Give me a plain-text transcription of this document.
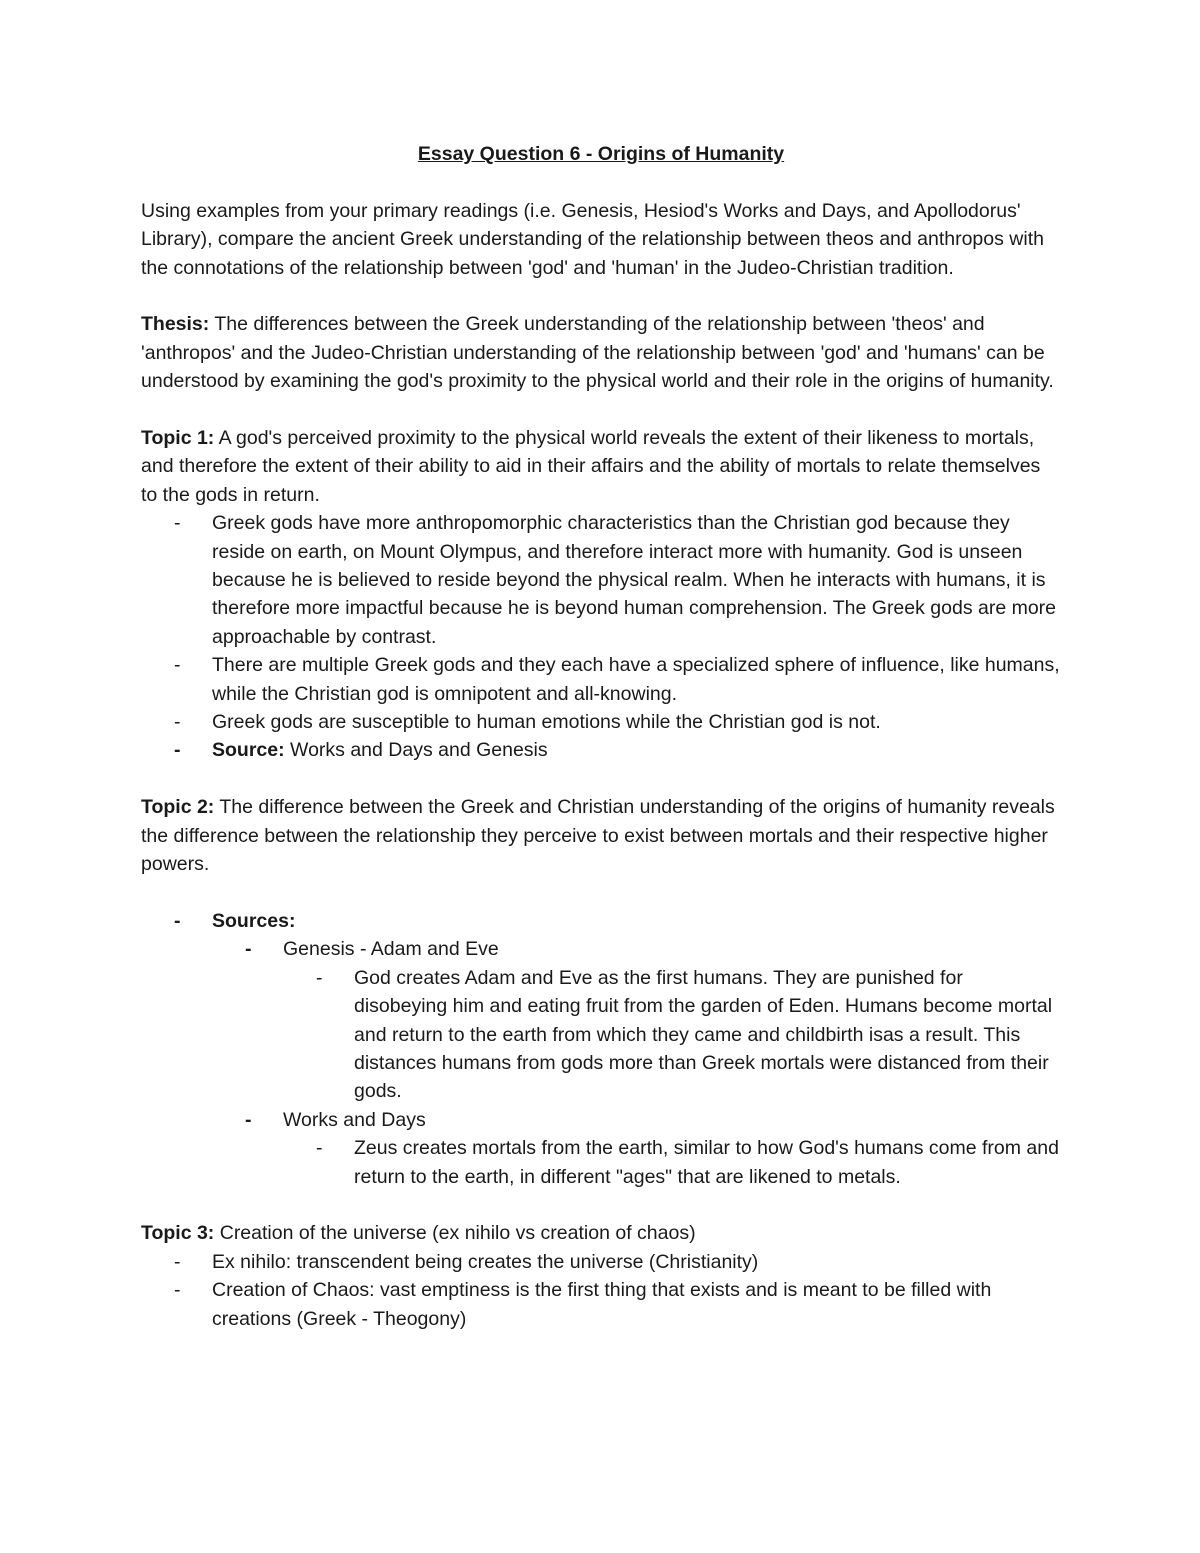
Essay Question 6 - Origins of Humanity

Using examples from your primary readings (i.e. Genesis, Hesiod's Works and Days, and Apollodorus' Library), compare the ancient Greek understanding of the relationship between theos and anthropos with the connotations of the relationship between 'god' and 'human' in the Judeo-Christian tradition.

Thesis: The differences between the Greek understanding of the relationship between 'theos' and 'anthropos' and the Judeo-Christian understanding of the relationship between 'god' and 'humans' can be understood by examining the god's proximity to the physical world and their role in the origins of humanity.

Topic 1: A god's perceived proximity to the physical world reveals the extent of their likeness to mortals, and therefore the extent of their ability to aid in their affairs and the ability of mortals to relate themselves to the gods in return.

-	Greek gods have more anthropomorphic characteristics than the Christian god because they reside on earth, on Mount Olympus, and therefore interact more with humanity. God is unseen because he is believed to reside beyond the physical realm. When he interacts with humans, it is therefore more impactful because he is beyond human comprehension. The Greek gods are more approachable by contrast.
-	There are multiple Greek gods and they each have a specialized sphere of influence, like humans, while the Christian god is omnipotent and all-knowing.
-	Greek gods are susceptible to human emotions while the Christian god is not.
-	Source: Works and Days and Genesis

Topic 2: The difference between the Greek and Christian understanding of the origins of humanity reveals the difference between the relationship they perceive to exist between mortals and their respective higher powers.

-	Sources:
-	Genesis - Adam and Eve
-	God creates Adam and Eve as the first humans. They are punished for disobeying him and eating fruit from the garden of Eden. Humans become mortal and return to the earth from which they came and childbirth isas a result. This distances humans from gods more than Greek mortals were distanced from their gods.
-	Works and Days
-	Zeus creates mortals from the earth, similar to how God's humans come from and return to the earth, in different "ages" that are likened to metals.

Topic 3: Creation of the universe (ex nihilo vs creation of chaos)

-	Ex nihilo: transcendent being creates the universe (Christianity)
-	Creation of Chaos: vast emptiness is the first thing that exists and is meant to be filled with creations (Greek - Theogony)
